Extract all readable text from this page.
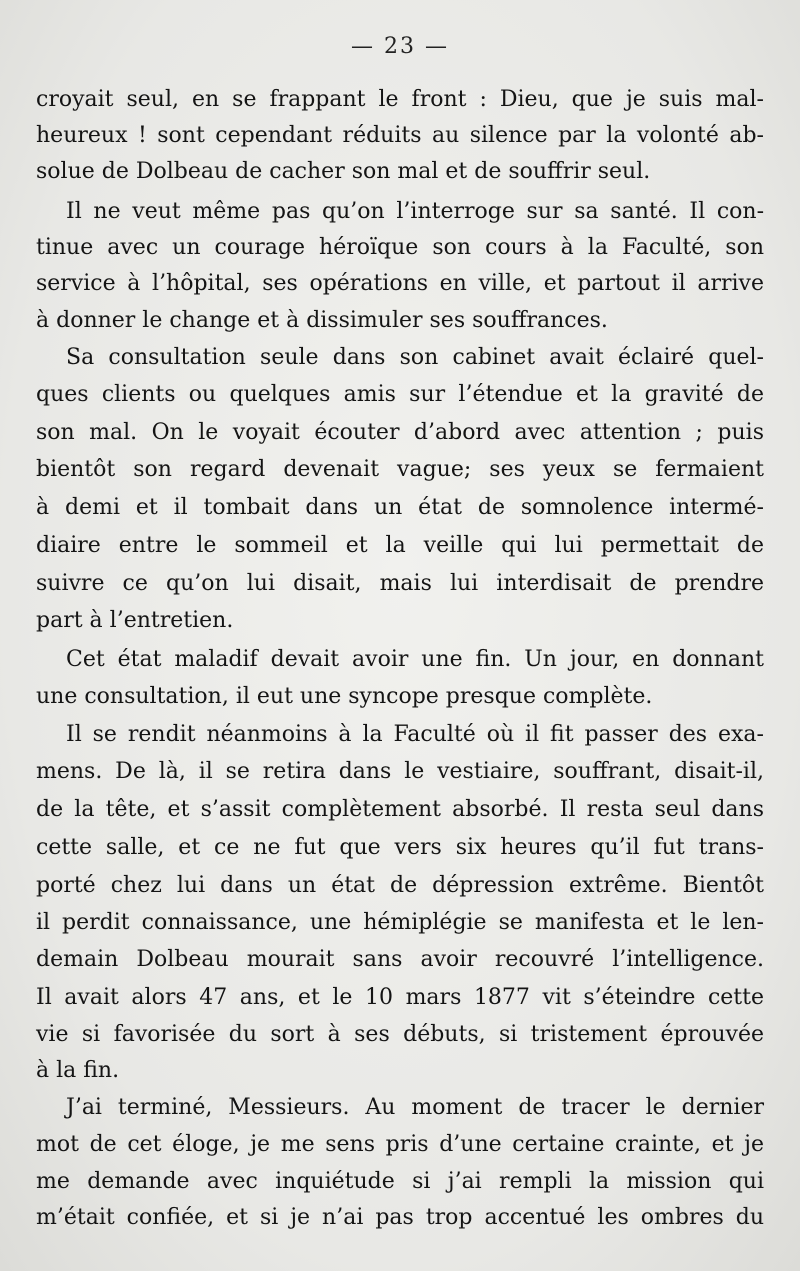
— 23 —
croyait seul, en se frappant le front : Dieu, que je suis mal-
heureux ! sont cependant réduits au silence par la volonté ab-
solue de Dolbeau de cacher son mal et de souffrir seul.
Il ne veut même pas qu’on l’interroge sur sa santé. Il con-
tinue avec un courage héroïque son cours à la Faculté, son
service à l’hôpital, ses opérations en ville, et partout il arrive
à donner le change et à dissimuler ses souffrances.
Sa consultation seule dans son cabinet avait éclairé quel-
ques clients ou quelques amis sur l’étendue et la gravité de
son mal. On le voyait écouter d’abord avec attention ; puis
bientôt son regard devenait vague; ses yeux se fermaient
à demi et il tombait dans un état de somnolence intermé-
diaire entre le sommeil et la veille qui lui permettait de
suivre ce qu’on lui disait, mais lui interdisait de prendre
part à l’entretien.
Cet état maladif devait avoir une fin. Un jour, en donnant
une consultation, il eut une syncope presque complète.
Il se rendit néanmoins à la Faculté où il fit passer des exa-
mens. De là, il se retira dans le vestiaire, souffrant, disait-il,
de la tête, et s’assit complètement absorbé. Il resta seul dans
cette salle, et ce ne fut que vers six heures qu’il fut trans-
porté chez lui dans un état de dépression extrême. Bientôt
il perdit connaissance, une hémiplégie se manifesta et le len-
demain Dolbeau mourait sans avoir recouvré l’intelligence.
Il avait alors 47 ans, et le 10 mars 1877 vit s’éteindre cette
vie si favorisée du sort à ses débuts, si tristement éprouvée
à la fin.
J’ai terminé, Messieurs. Au moment de tracer le dernier
mot de cet éloge, je me sens pris d’une certaine crainte, et je
me demande avec inquiétude si j’ai rempli la mission qui
m’était confiée, et si je n’ai pas trop accentué les ombres du
